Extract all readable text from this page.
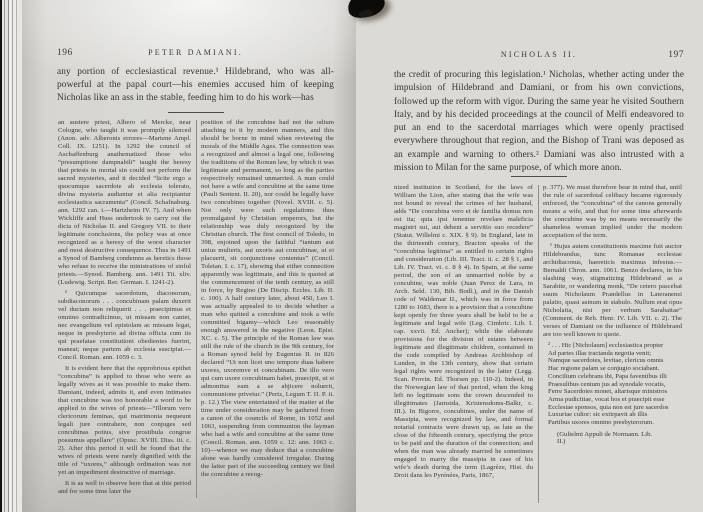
196	PETER DAMIANI.
any portion of ecclesiastical revenue.¹ Hildebrand, who was all-powerful at the papal court—his enemies accused him of keeping Nicholas like an ass in the stable, feeding him to do his work—has

an austere priest, Albero of Mercke, near Cologne, who taught it was promptly silenced (Anon. adv. Alberonis errores—Martene Ampl. Coll. IX. 1251). In 1292 the council of Aschaffenburg anathematized those who “presumptione dampnabili” taught the heresy that priests in mortal sin could not perform the sacred mysteries, and it decided “licite ergo a quocumque sacerdote ab ecclesia tolerato, divina mysteria audiantur et alia recipiantur ecclesiastica sacramenta” (Concil. Schafnaburg. ann. 1292 can. i.—Hartzheim IV. 7). And when Wickliffe and Huss undertook to carry out the dicta of Nicholas II. and Gregory VII. to their legitimate conclusions, the policy was at once recognized as a heresy of the worst character and most destructive consequence. Thus in 1491 a Synod of Bamberg condemns as heretics those who refuse to receive the ministrations of sinful priests.—Synod. Bamberg. ann. 1491 Tit. xliv. (Ludewig. Script. Rer. German. I. 1241-2).

¹ Quicumque sacerdotum, diaconorum, subdiaconorum . . . concubinam palam duxerit vel ductam non reliquerit . . . praecipimus et omnino contradicimus, ut missam non cantet, nec evangelium vel epistolam ac missam legat, neque in presbyterio ad divina officia cum iis qui praefatae constitutioni obedientes fuerint, maneat; neque partem ab ecclesia suscipiat.—Concil. Roman. ann. 1059 c. 3.

It is evident here that the opprobrious epithet “concubina” is applied to those who were as legally wives as it was possible to make them. Damiani, indeed, admits it, and even intimates that concubine was too honorable a word to be applied to the wives of priests—“Illorum vero clericorum feminas, qui matrimonia nequeunt legali jure contrahere, non conjuges sed concubinas potius, sive prostibula congrue possumus appellare” (Opusc. XVIII. Diss. iii. c. 2). After this period it will be found that the wives of priests were rarely dignified with the title of “uxores,” although ordination was not yet an impediment destructive of marriage.

It is as well to observe here that at this period and for some time later the

position of the concubine had not the odium attaching to it by modern manners, and this should be borne in mind when reviewing the morals of the Middle Ages. The connection was a recognized and almost a legal one, following the traditions of the Roman law, by which it was legitimate and permanent, so long as the parties respectively remained unmarried. A man could not have a wife and concubine at the same time (Pauli Sentent. II. 20), nor could he legally have two concubines together (Novel. XVIII. c. 5). Not only were such regulations thus promulgated by Christian emperors, but the relationship was duly recognized by the Christian church. The first council of Toledo, in 398, enjoined upon the faithful “tantum aut unius mulieris, aut uxoris aut concubinae, ut ei placuerit, sit conjunctione contentus” (Concil. Toletan. I. c. 17), showing that either connection apparently was legitimate, and this is quoted at the commencement of the tenth century, as still in force, by Regino (De Discip. Eccles. Lib. II. c. 100). A half century later, about 450, Leo I. was actually appealed to to decide whether a man who quitted a concubine and took a wife committed bigamy—which Leo reasonably enough answered in the negative (Leon. Epist. XC. c. 5). The principle of the Roman law was still the rule of the church in the 9th century, for a Roman synod held by Eugenius II. in 826 declared “Ut non licet uno tempore duas habere uxores, uxoremve et concubinam. De illo vero qui cum uxore concubinam habet, praecipit, ut si admonitus eam a se abjicere noluerit, communione privetur.” (Pertz, Legum T. II. P. ii. p. 12.) The view entertained of the matter at the time under consideration may be gathered from a canon of the councils of Rome, in 1052 and 1063, suspending from communion the layman who had a wife and concubine at the same time (Concil. Roman. ann. 1059 c. 12: ann. 1063 c. 10)—whence we may deduce that a concubine alone was hardly considered irregular. During the latter part of the succeeding century we find the concubine a recog-

NICHOLAS II.	197
the credit of procuring this legislation.¹ Nicholas, whether acting under the impulsion of Hildebrand and Damiani, or from his own convictions, followed up the reform with vigor. During the same year he visited Southern Italy, and by his decided proceedings at the council of Melfi endeavored to put an end to the sacerdotal marriages which were openly practised everywhere throughout that region, and the Bishop of Trani was deposed as an example and warning to others.² Damiani was also intrusted with a mission to Milan for the same purpose, of which more anon.

nized institution in Scotland, for the laws of William the Lion, after stating that the wife was not bound to reveal the crimes of her husband, adds “De concubina vero et de familia domus non est ita; quia ipsi tenentur revelare maleficia magistri sui, aut debent a servitio suo recedere” (Statut. Willelmi c. XIX. § 9). In England, late in the thirteenth century, Bracton speaks of the “concubina legitima” as entitled to certain rights and consideration (Lib. III. Tract. ii. c. 28 § 1, and Lib. IV. Tract. vi. c. 8 § 4). In Spain, at the same period, the son of an unmarried noble by a concubine, was noble (Juan Perez de Lara, in Arch. Seld. 130, Bib. Bodl.), and in the Danish code of Waldemar II., which was in force from 1280 to 1683, there is a provision that a concubine kept openly for three years shall be held to be a legitimate and legal wife (Leg. Cimbric. Lib. I. cap. xxvii. Ed. Ancher); while the elaborate provisions for the division of estates between legitimate and illegitimate children, contained in the code compiled by Andreas Archbishop of Lunden, in the 13th century, show that certain legal rights were recognized in the latter (Legg. Scan. Provin. Ed. Thorsen pp. 110-2). Indeed, in the Norwegian law of that period, when the king left no legitimate sons the crown descended to illegitimates (Jarnsida, Kristensdoms-Balkr, c. III.). In Bigorre, concubines, under the name of Massipia, were recognized by law, and formal notarial contracts were drawn up, as late as the close of the fifteenth century, specifying the price to be paid and the duration of the connection; and when the man was already married he sometimes engaged to marry the massipia in case of his wife’s death during the term (Lagrèze, Hist. du Droit dans les Pyrénées, Paris, 1867,

p. 377). We must therefore bear in mind that, until the rule of sacerdotal celibacy became rigorously enforced, the “concubina” of the canons generally means a wife, and that for some time afterwards the concubine was by no means necessarily the shameless woman implied under the modern acceptation of the term.

¹ Hujus autem constitutionis maxime fuit auctor Hildebrandus, tunc Romanae ecclesiae archidiaconus, haereticis maximus infestus.—Bernaldi Chron. ann. 1061. Benzo declares, in his slashing way, stigmatizing Hildebrand as a Sarabite, or wandering monk, “De cetero pascebat suum Nicholaum Prandellus in Lateranensi palatio, quasi asinum in stabulo. Nullum erat opus Nicholaita, nisi per verbum Sarabaitae” (Comment. de Reb. Henr. IV. Lib. VII. c. 2). The verses of Damiani on the influence of Hildebrand are too well known to quote.

² . . . Hic [Nicholaum] ecclesiastica propter
Ad partes illas tractanda negotia venit;
Namque sacerdotes, levitae, clericus omnis
Hac regione palam se conjugio sociabant.
Concilium celebrans ibi, Papa faventibus illi
Praesulibus centum jus ad synodale vocatis,
Ferre Sacerdotes monet, altarisque ministros
Arma pudicitiae, vocat hos et praecipit esse
Ecclesiae sponsos, quia non est jure sacerdos
Luxuriae cultor: sic extirpavit ab illis
Partibus uxores omnino presbyterorum.
(Gulielmi Appuli de Normann. Lib. II.)
